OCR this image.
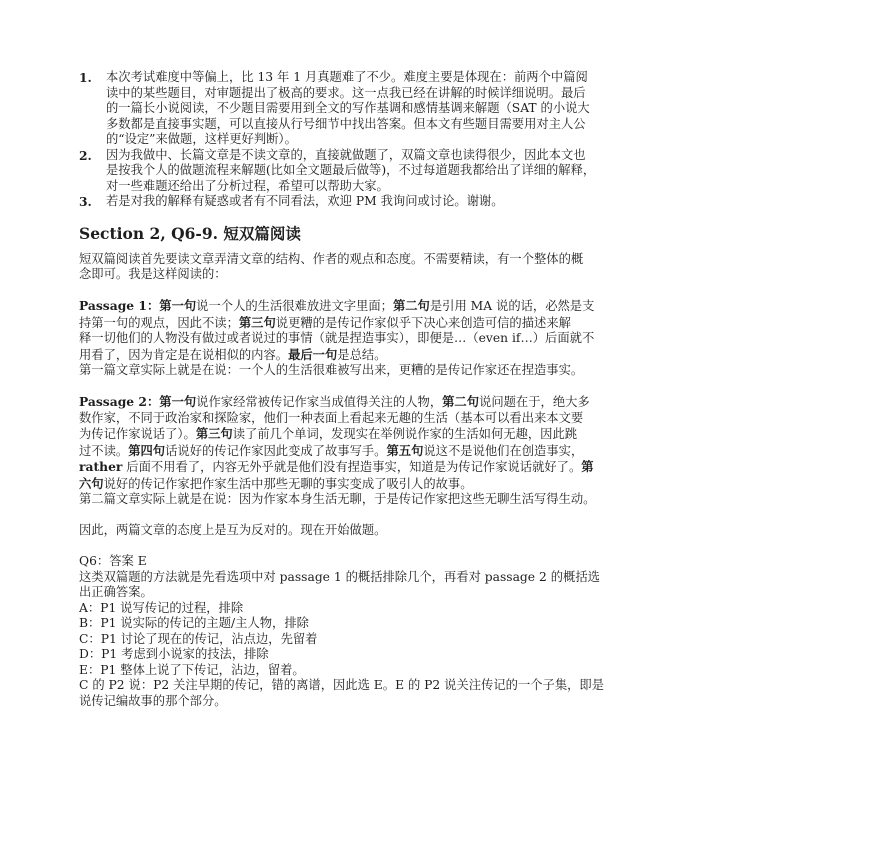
1. 本次考试难度中等偏上，比 13 年 1 月真题难了不少。难度主要是体现在：前两个中篇阅
读中的某些题目，对审题提出了极高的要求。这一点我已经在讲解的时候详细说明。最后
的一篇长小说阅读，不少题目需要用到全文的写作基调和感情基调来解题（SAT 的小说大
多数都是直接事实题，可以直接从行号细节中找出答案。但本文有些题目需要用对主人公
的“设定”来做题，这样更好判断）。
2. 因为我做中、长篇文章是不读文章的，直接就做题了，双篇文章也读得很少，因此本文也
是按我个人的做题流程来解题(比如全文题最后做等)，不过每道题我都给出了详细的解释，
对一些难题还给出了分析过程，希望可以帮助大家。
3. 若是对我的解释有疑惑或者有不同看法，欢迎 PM 我询问或讨论。谢谢。
Section 2, Q6-9. 短双篇阅读
短双篇阅读首先要读文章弄清文章的结构、作者的观点和态度。不需要精读，有一个整体的概
念即可。我是这样阅读的：
Passage 1：第一句说一个人的生活很难放进文字里面；第二句是引用 MA 说的话，必然是支
持第一句的观点，因此不读；第三句说更糟的是传记作家似乎下决心来创造可信的描述来解
释一切他们的人物没有做过或者说过的事情（就是捏造事实），即便是…（even if…）后面就不
用看了，因为肯定是在说相似的内容。最后一句是总结。
第一篇文章实际上就是在说：一个人的生活很难被写出来，更糟的是传记作家还在捏造事实。
Passage 2：第一句说作家经常被传记作家当成值得关注的人物，第二句说问题在于，绝大多
数作家，不同于政治家和探险家，他们一种表面上看起来无趣的生活（基本可以看出来本文要
为传记作家说话了）。第三句读了前几个单词，发现实在举例说作家的生活如何无趣，因此跳
过不读。第四句话说好的传记作家因此变成了故事写手。第五句说这不是说他们在创造事实，
rather 后面不用看了，内容无外乎就是他们没有捏造事实，知道是为传记作家说话就好了。第
六句说好的传记作家把作家生活中那些无聊的事实变成了吸引人的故事。
第二篇文章实际上就是在说：因为作家本身生活无聊，于是传记作家把这些无聊生活写得生动。
因此，两篇文章的态度上是互为反对的。现在开始做题。
Q6：答案 E
这类双篇题的方法就是先看选项中对 passage 1 的概括排除几个，再看对 passage 2 的概括选
出正确答案。
A：P1 说写传记的过程，排除
B：P1 说实际的传记的主题/主人物，排除
C：P1 讨论了现在的传记，沾点边，先留着
D：P1 考虑到小说家的技法，排除
E：P1 整体上说了下传记，沾边，留着。
C 的 P2 说：P2 关注早期的传记，错的离谱，因此选 E。E 的 P2 说关注传记的一个子集，即是
说传记编故事的那个部分。
